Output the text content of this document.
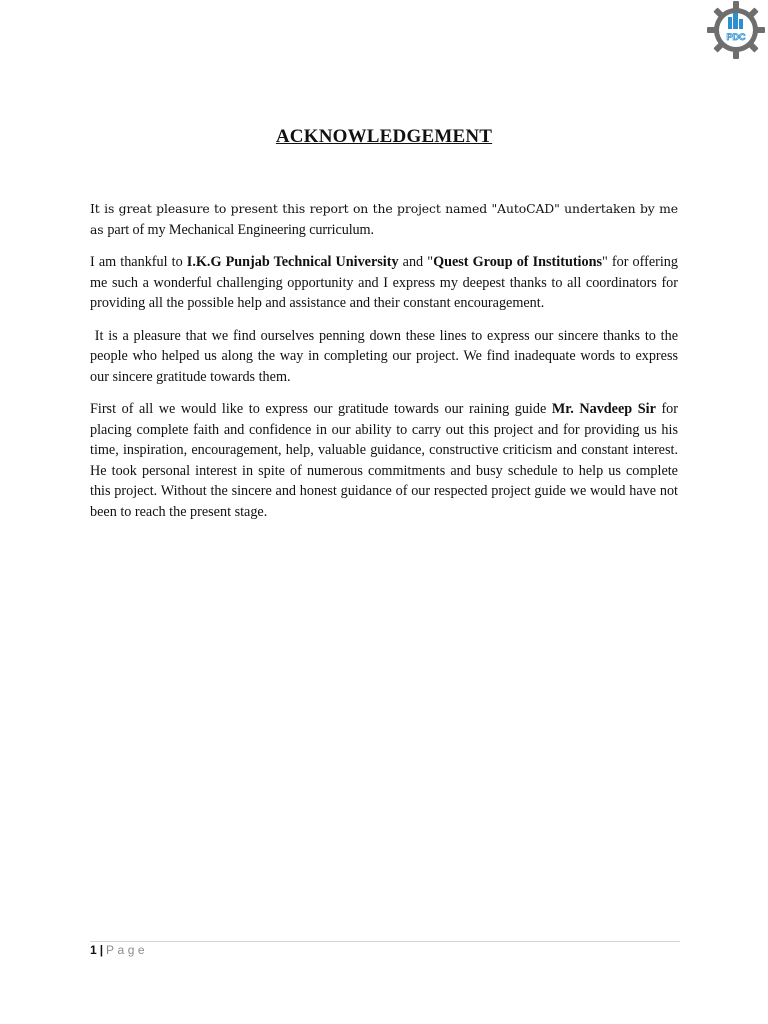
PDC
ACKNOWLEDGEMENT

It is great pleasure to present this report on the project named "AutoCAD" undertaken by me as part of my Mechanical Engineering curriculum.

I am thankful to I.K.G Punjab Technical University and "Quest Group of Institutions" for offering me such a wonderful challenging opportunity and I express my deepest thanks to all coordinators for providing all the possible help and assistance and their constant encouragement.

It is a pleasure that we find ourselves penning down these lines to express our sincere thanks to the people who helped us along the way in completing our project. We find inadequate words to express our sincere gratitude towards them.

First of all we would like to express our gratitude towards our raining guide Mr. Navdeep Sir for placing complete faith and confidence in our ability to carry out this project and for providing us his time, inspiration, encouragement, help, valuable guidance, constructive criticism and constant interest. He took personal interest in spite of numerous commitments and busy schedule to help us complete this project. Without the sincere and honest guidance of our respected project guide we would have not been to reach the present stage.

1 | Page
